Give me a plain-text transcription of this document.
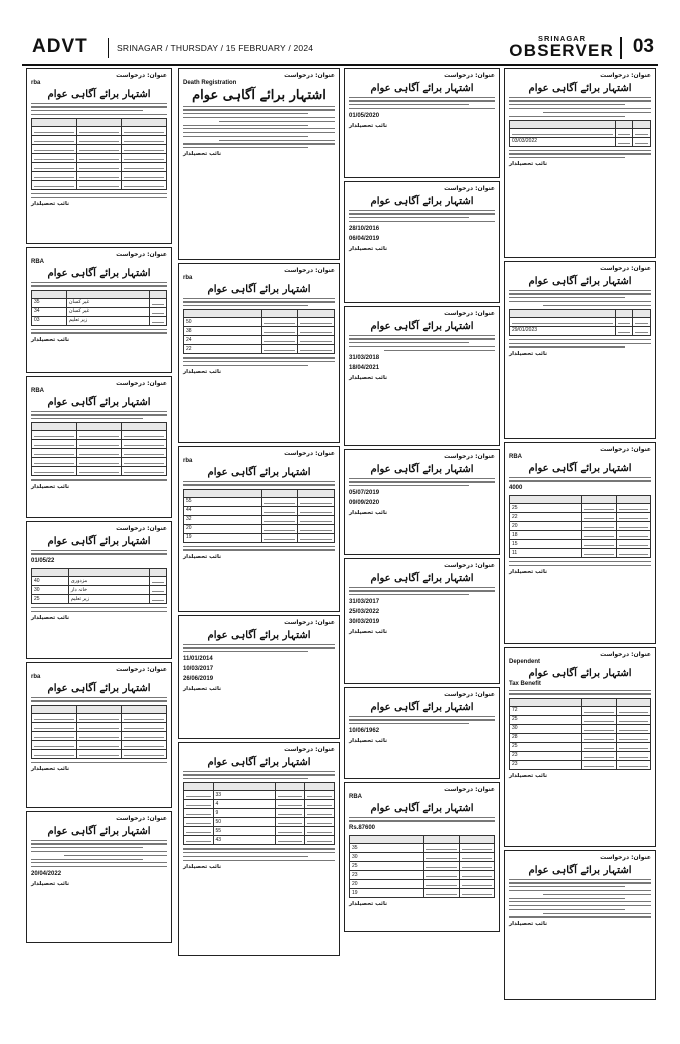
ADVT	SRINAGAR / THURSDAY / 15 FEBRUARY / 2024
SRINAGAR
OBSERVER 03
عنوان: درخواست
rba
اشتہار برائے آگاہی عوام

نائب تحصیلدار
عنوان: درخواست
RBA
اشتہار برائے آگاہی عوام

35	غیر کسان	
34	غیر کسان	
03	زیر تعلیم	
نائب تحصیلدار
عنوان: درخواست
RBA
اشتہار برائے آگاہی عوام

نائب تحصیلدار
عنوان: درخواست
اشتہار برائے آگاہی عوام
01/05/22

40	مزدوری	
30	خانہ دار	
25	زیر تعلیم	
نائب تحصیلدار
عنوان: درخواست
rba
اشتہار برائے آگاہی عوام

نائب تحصیلدار
عنوان: درخواست
اشتہار برائے آگاہی عوام
20/04/2022
نائب تحصیلدار
عنوان: درخواست
Death Registration
اشتہار برائے آگاہی عوام
نائب تحصیلدار
عنوان: درخواست
rba
اشتہار برائے آگاہی عوام

50		
38		
24		
22		
نائب تحصیلدار
عنوان: درخواست
rba
اشتہار برائے آگاہی عوام

55		
44		
32		
20		
19		
نائب تحصیلدار
عنوان: درخواست
اشتہار برائے آگاہی عوام
11/01/2014
10/03/2017
26/06/2019
نائب تحصیلدار
عنوان: درخواست
اشتہار برائے آگاہی عوام

	33		
	4		
	9		
	50		
	55		
	43		
نائب تحصیلدار
عنوان: درخواست
اشتہار برائے آگاہی عوام
01/05/2020
نائب تحصیلدار
عنوان: درخواست
اشتہار برائے آگاہی عوام
28/10/2016
06/04/2019
نائب تحصیلدار
عنوان: درخواست
اشتہار برائے آگاہی عوام
31/03/2018
18/04/2021
نائب تحصیلدار
عنوان: درخواست
اشتہار برائے آگاہی عوام
05/07/2019
09/09/2020
نائب تحصیلدار
عنوان: درخواست
اشتہار برائے آگاہی عوام
31/03/2017
25/03/2022
30/03/2019
نائب تحصیلدار
عنوان: درخواست
اشتہار برائے آگاہی عوام
10/06/1962
نائب تحصیلدار
عنوان: درخواست
RBA
اشتہار برائے آگاہی عوام
Rs.87600

35		
30		
25		
23		
20		
19		
نائب تحصیلدار
عنوان: درخواست
اشتہار برائے آگاہی عوام

03/03/2022		
نائب تحصیلدار
عنوان: درخواست
اشتہار برائے آگاہی عوام

29/01/2023		
نائب تحصیلدار
عنوان: درخواست
RBA
اشتہار برائے آگاہی عوام
4000

25		
22		
20		
18		
15		
11		
نائب تحصیلدار
عنوان: درخواست
Dependent
اشتہار برائے آگاہی عوام
Tax Benefit

72		
25		
30		
28		
25		
23		
23		
نائب تحصیلدار
عنوان: درخواست
اشتہار برائے آگاہی عوام
نائب تحصیلدار
